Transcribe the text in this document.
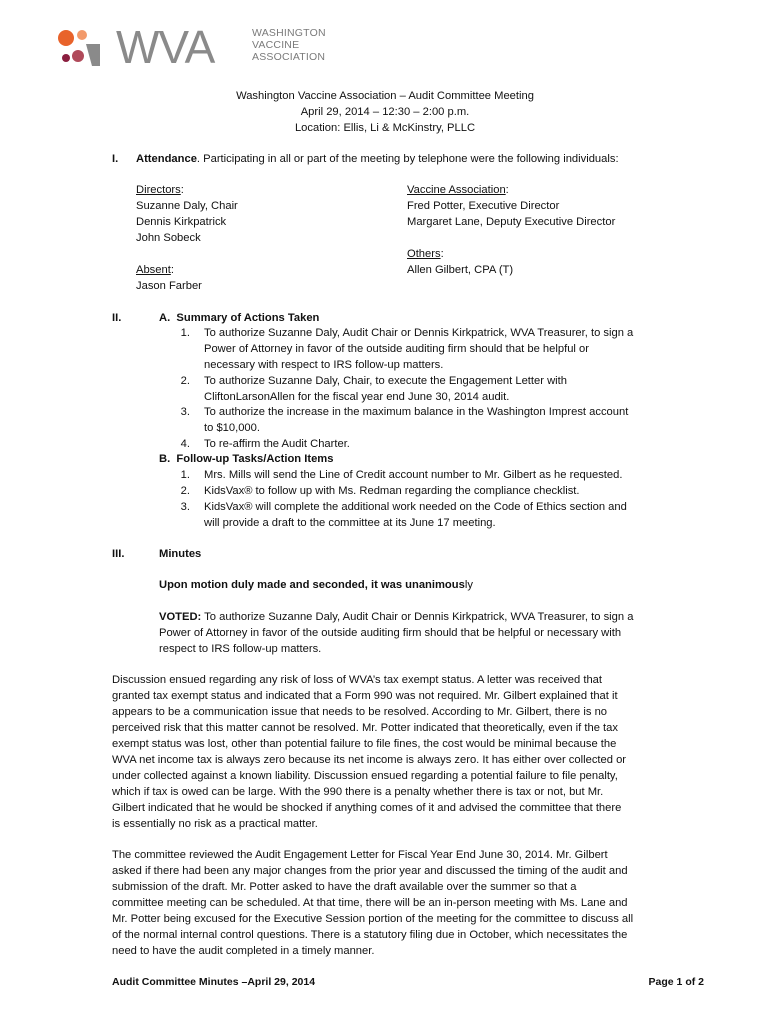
WVA	WASHINGTON
VACCINE
ASSOCIATION
Washington Vaccine Association – Audit Committee Meeting
April 29, 2014 – 12:30 – 2:00 p.m.
Location: Ellis, Li & McKinstry, PLLC
I. Attendance. Participating in all or part of the meeting by telephone were the following individuals:
Directors:
Suzanne Daly, Chair
Dennis Kirkpatrick
John Sobeck
Absent:
Jason Farber
Vaccine Association:
Fred Potter, Executive Director
Margaret Lane, Deputy Executive Director
Others:
Allen Gilbert, CPA (T)
II.	A. Summary of Actions Taken
1. To authorize Suzanne Daly, Audit Chair or Dennis Kirkpatrick, WVA Treasurer, to sign a
Power of Attorney in favor of the outside auditing firm should that be helpful or
necessary with respect to IRS follow-up matters.
2. To authorize Suzanne Daly, Chair, to execute the Engagement Letter with
CliftonLarsonAllen for the fiscal year end June 30, 2014 audit.
3. To authorize the increase in the maximum balance in the Washington Imprest account
to $10,000.
4. To re-affirm the Audit Charter.
B. Follow-up Tasks/Action Items
1. Mrs. Mills will send the Line of Credit account number to Mr. Gilbert as he requested.
2. KidsVax® to follow up with Ms. Redman regarding the compliance checklist.
3. KidsVax® will complete the additional work needed on the Code of Ethics section and
will provide a draft to the committee at its June 17 meeting.
III.	Minutes
Upon motion duly made and seconded, it was unanimously
VOTED: To authorize Suzanne Daly, Audit Chair or Dennis Kirkpatrick, WVA Treasurer, to sign a
Power of Attorney in favor of the outside auditing firm should that be helpful or necessary with
respect to IRS follow-up matters.
Discussion ensued regarding any risk of loss of WVA’s tax exempt status. A letter was received that
granted tax exempt status and indicated that a Form 990 was not required. Mr. Gilbert explained that it
appears to be a communication issue that needs to be resolved. According to Mr. Gilbert, there is no
perceived risk that this matter cannot be resolved. Mr. Potter indicated that theoretically, even if the tax
exempt status was lost, other than potential failure to file fines, the cost would be minimal because the
WVA net income tax is always zero because its net income is always zero. It has either over collected or
under collected against a known liability. Discussion ensued regarding a potential failure to file penalty,
which if tax is owed can be large. With the 990 there is a penalty whether there is tax or not, but Mr.
Gilbert indicated that he would be shocked if anything comes of it and advised the committee that there
is essentially no risk as a practical matter.
The committee reviewed the Audit Engagement Letter for Fiscal Year End June 30, 2014. Mr. Gilbert
asked if there had been any major changes from the prior year and discussed the timing of the audit and
submission of the draft. Mr. Potter asked to have the draft available over the summer so that a
committee meeting can be scheduled. At that time, there will be an in-person meeting with Ms. Lane and
Mr. Potter being excused for the Executive Session portion of the meeting for the committee to discuss all
of the normal internal control questions. There is a statutory filing due in October, which necessitates the
need to have the audit completed in a timely manner.
Audit Committee Minutes –April 29, 2014	Page 1 of 2
